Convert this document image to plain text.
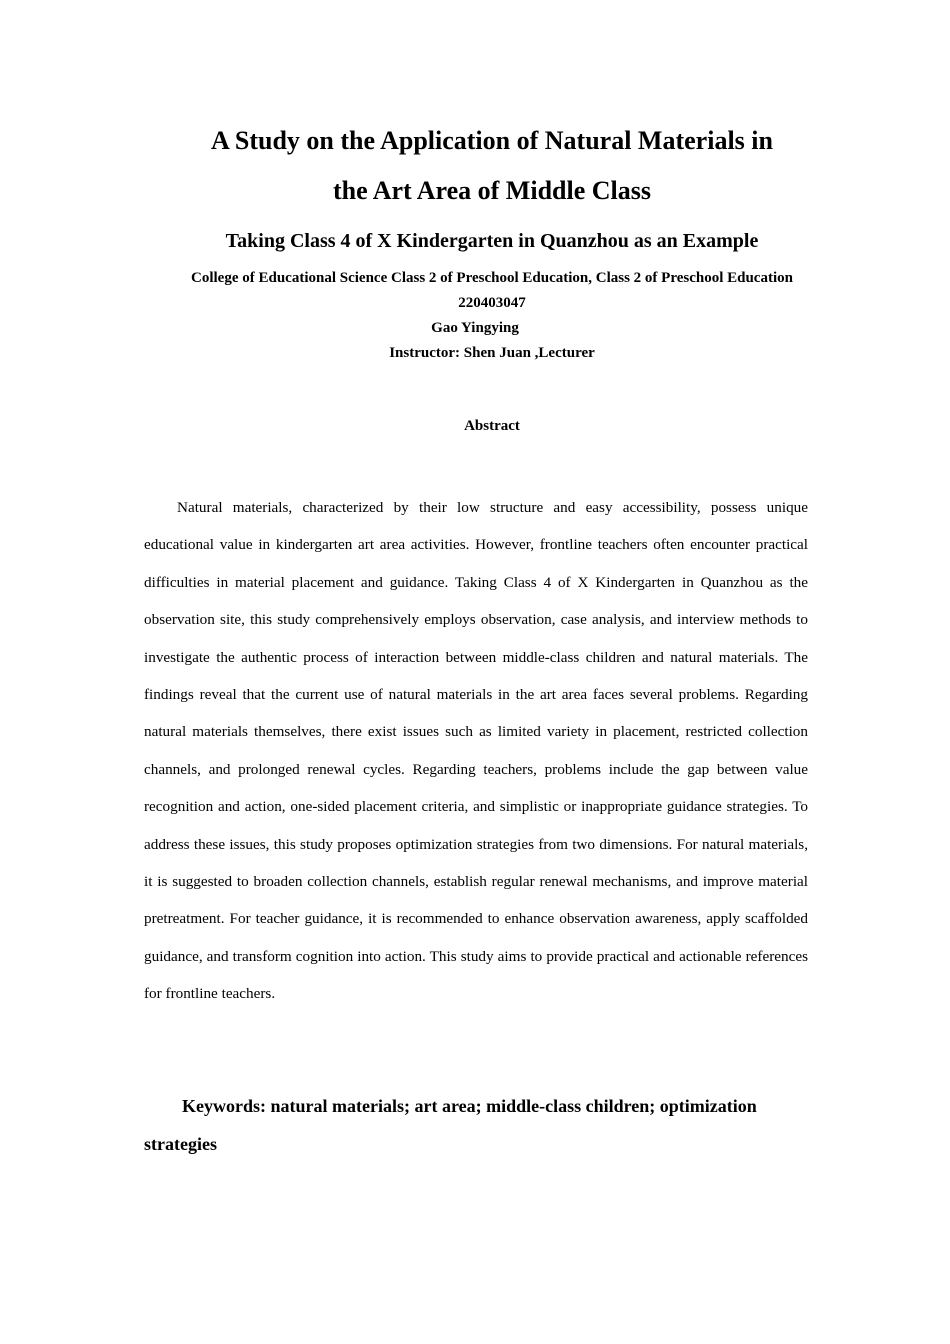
A Study on the Application of Natural Materials in
the Art Area of Middle Class
Taking Class 4 of X Kindergarten in Quanzhou as an Example

College of Educational Science Class 2 of Preschool Education, Class 2 of Preschool Education 220403047

Gao Yingying

Instructor: Shen Juan ,Lecturer

Abstract

Natural materials, characterized by their low structure and easy accessibility, possess unique educational value in kindergarten art area activities. However, frontline teachers often encounter practical difficulties in material placement and guidance. Taking Class 4 of X Kindergarten in Quanzhou as the observation site, this study comprehensively employs observation, case analysis, and interview methods to investigate the authentic process of interaction between middle-class children and natural materials. The findings reveal that the current use of natural materials in the art area faces several problems. Regarding natural materials themselves, there exist issues such as limited variety in placement, restricted collection channels, and prolonged renewal cycles. Regarding teachers, problems include the gap between value recognition and action, one-sided placement criteria, and simplistic or inappropriate guidance strategies. To address these issues, this study proposes optimization strategies from two dimensions. For natural materials, it is suggested to broaden collection channels, establish regular renewal mechanisms, and improve material pretreatment. For teacher guidance, it is recommended to enhance observation awareness, apply scaffolded guidance, and transform cognition into action. This study aims to provide practical and actionable references for frontline teachers.

Keywords: natural materials; art area; middle-class children; optimization strategies
